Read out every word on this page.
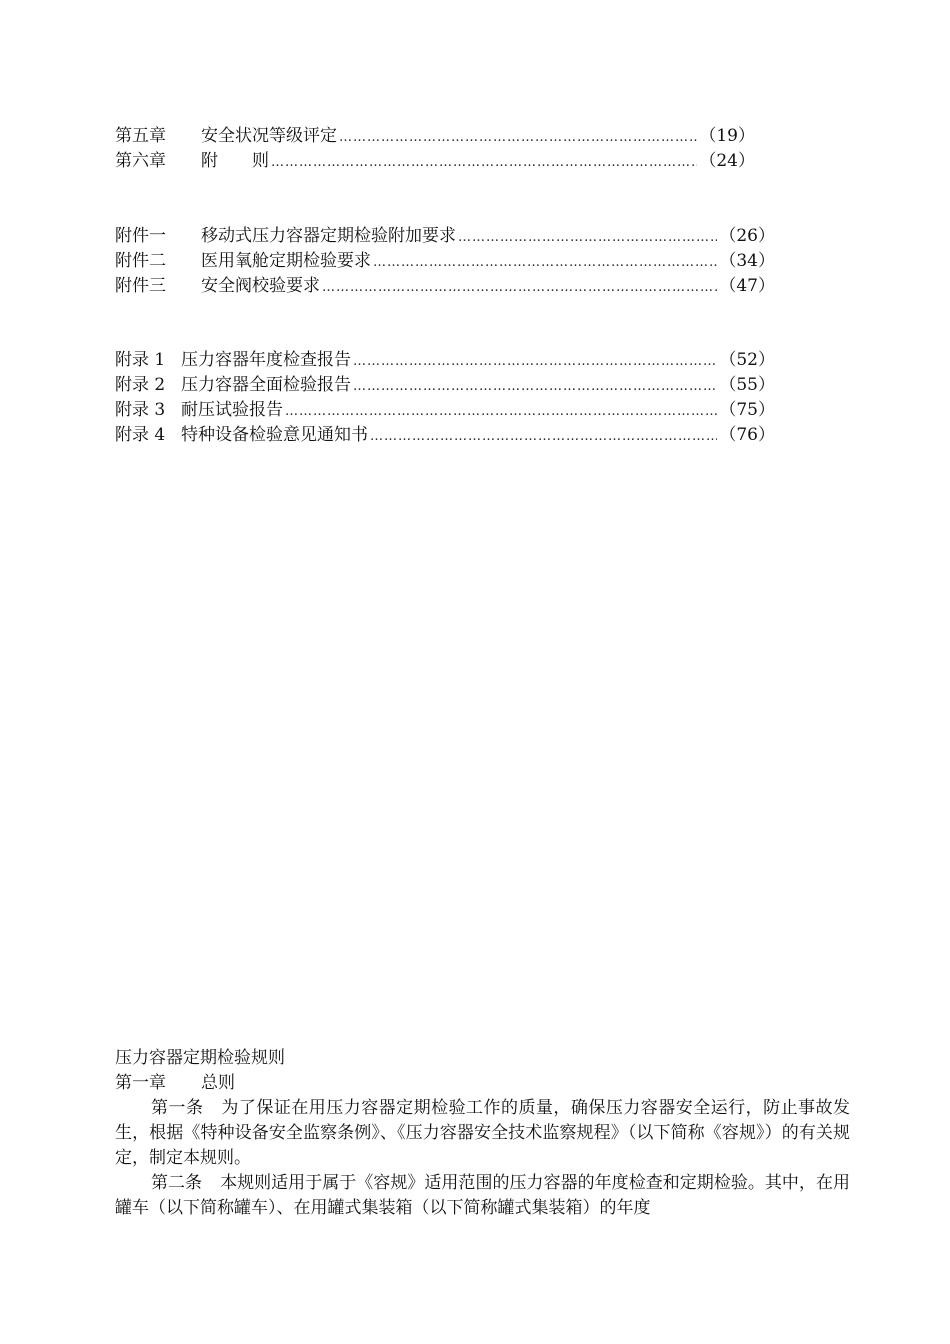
第五章	安全状况等级评定 ……………………………………………………………………………………………………………………………………	（19）
第六章	附　　则 ……………………………………………………………………………………………………………………………………	（24）
附件一	移动式压力容器定期检验附加要求 ……………………………………………………………………………………………………………………………………	（26）
附件二	医用氧舱定期检验要求 ……………………………………………………………………………………………………………………………………	（34）
附件三	安全阀校验要求 ……………………………………………………………………………………………………………………………………	（47）
附录 1 压力容器年度检查报告 ……………………………………………………………………………………………………………………………………	（52）
附录 2 压力容器全面检验报告 ……………………………………………………………………………………………………………………………………	（55）
附录 3 耐压试验报告 ……………………………………………………………………………………………………………………………………	（75）
附录 4 特种设备检验意见通知书 ……………………………………………………………………………………………………………………………………	（76）

压力容器定期检验规则

第一章 总则

第一条 为了保证在用压力容器定期检验工作的质量，确保压力容器安全运行，防止事故发生，根据《特种设备安全监察条例》、《压力容器安全技术监察规程》（以下简称《容规》）的有关规定，制定本规则。

第二条 本规则适用于属于《容规》适用范围的压力容器的年度检查和定期检验。其中，在用罐车（以下简称罐车）、在用罐式集装箱（以下简称罐式集装箱）的年度
